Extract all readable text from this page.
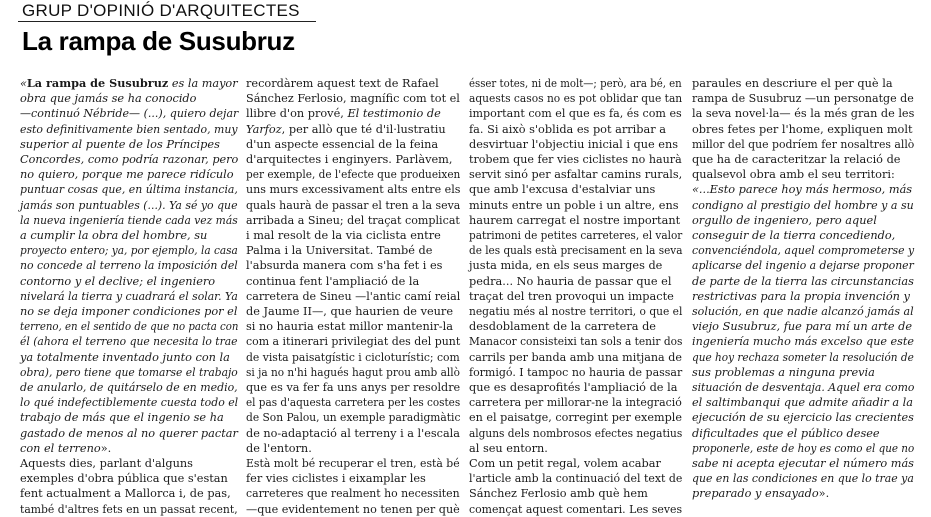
GRUP D'OPINIÓ D'ARQUITECTES
La rampa de Susubruz
«La rampa de Susubruz es la mayor
obra que jamás se ha conocido
—continuó Nébride— (...), quiero dejar
esto definitivamente bien sentado, muy
superior al puente de los Príncipes
Concordes, como podría razonar, pero
no quiero, porque me parece ridículo
puntuar cosas que, en última instancia,
jamás son puntuables (...). Ya sé yo que
la nueva ingeniería tiende cada vez más
a cumplir la obra del hombre, su
proyecto entero; ya, por ejemplo, la casa
no concede al terreno la imposición del
contorno y el declive; el ingeniero
nivelará la tierra y cuadrará el solar. Ya
no se deja imponer condiciones por el
terreno, en el sentido de que no pacta con
él (ahora el terreno que necesita lo trae
ya totalmente inventado junto con la
obra), pero tiene que tomarse el trabajo
de anularlo, de quitárselo de en medio,
lo qué indefectiblemente cuesta todo el
trabajo de más que el ingenio se ha
gastado de menos al no querer pactar
con el terreno».
Aquests dies, parlant d'alguns
exemples d'obra pública que s'estan
fent actualment a Mallorca i, de pas,
també d'altres fets en un passat recent,
recordàrem aquest text de Rafael
Sánchez Ferlosio, magnífic com tot el
llibre d'on prové, El testimonio de
Yarfoz, per allò que té d'il·lustratiu
d'un aspecte essencial de la feina
d'arquitectes i enginyers. Parlàvem,
per exemple, de l'efecte que produeixen
uns murs excessivament alts entre els
quals haurà de passar el tren a la seva
arribada a Sineu; del traçat complicat
i mal resolt de la via ciclista entre
Palma i la Universitat. També de
l'absurda manera com s'ha fet i es
continua fent l'ampliació de la
carretera de Sineu —l'antic camí reial
de Jaume II—, que haurien de veure
si no hauria estat millor mantenir-la
com a itinerari privilegiat des del punt
de vista paisatgístic i cicloturístic; com
si ja no n'hi hagués hagut prou amb allò
que es va fer fa uns anys per resoldre
el pas d'aquesta carretera per les costes
de Son Palou, un exemple paradigmàtic
de no-adaptació al terreny i a l'escala
de l'entorn.
Està molt bé recuperar el tren, està bé
fer vies ciclistes i eixamplar les
carreteres que realment ho necessiten
—que evidentement no tenen per què
ésser totes, ni de molt—; però, ara bé, en
aquests casos no es pot oblidar que tan
important com el que es fa, és com es
fa. Si això s'oblida es pot arribar a
desvirtuar l'objectiu inicial i que ens
trobem que fer vies ciclistes no haurà
servit sinó per asfaltar camins rurals,
que amb l'excusa d'estalviar uns
minuts entre un poble i un altre, ens
haurem carregat el nostre important
patrimoni de petites carreteres, el valor
de les quals està precisament en la seva
justa mida, en els seus marges de
pedra... No hauria de passar que el
traçat del tren provoqui un impacte
negatiu més al nostre territori, o que el
desdoblament de la carretera de
Manacor consisteixi tan sols a tenir dos
carrils per banda amb una mitjana de
formigó. I tampoc no hauria de passar
que es desaprofités l'ampliació de la
carretera per millorar-ne la integració
en el paisatge, corregint per exemple
alguns dels nombrosos efectes negatius
al seu entorn.
Com un petit regal, volem acabar
l'article amb la continuació del text de
Sánchez Ferlosio amb què hem
començat aquest comentari. Les seves
paraules en descriure el per què la
rampa de Susubruz —un personatge de
la seva novel·la— és la més gran de les
obres fetes per l'home, expliquen molt
millor del que podríem fer nosaltres allò
que ha de caracteritzar la relació de
qualsevol obra amb el seu territori:
«...Esto parece hoy más hermoso, más
condigno al prestigio del hombre y a su
orgullo de ingeniero, pero aquel
conseguir de la tierra concediendo,
convenciéndola, aquel comprometerse y
aplicarse del ingenio a dejarse proponer
de parte de la tierra las circunstancias
restrictivas para la propia invención y
solución, en que nadie alcanzó jamás al
viejo Susubruz, fue para mí un arte de
ingeniería mucho más excelso que este
que hoy rechaza someter la resolución de
sus problemas a ninguna previa
situación de desventaja. Aquel era como
el saltimbanqui que admite añadir a la
ejecución de su ejercicio las crecientes
dificultades que el público desee
proponerle, este de hoy es como el que no
sabe ni acepta ejecutar el número más
que en las condiciones en que lo trae ya
preparado y ensayado».
